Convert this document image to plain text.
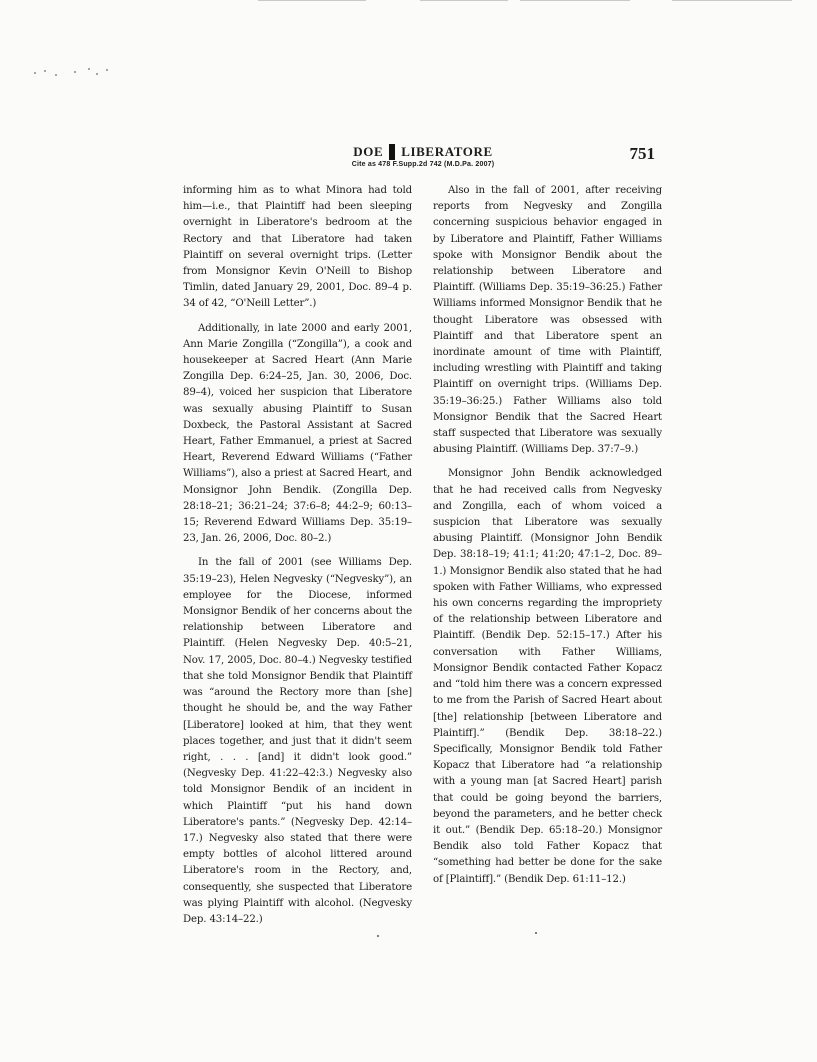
DOE LIBERATORE
Cite as 478 F.Supp.2d 742 (M.D.Pa. 2007)
751

informing him as to what Minora had told him—i.e., that Plaintiff had been sleeping overnight in Liberatore's bedroom at the Rectory and that Liberatore had taken Plaintiff on several overnight trips. (Letter from Monsignor Kevin O'Neill to Bishop Timlin, dated January 29, 2001, Doc. 89–4 p. 34 of 42, “O'Neill Letter”.)

Additionally, in late 2000 and early 2001, Ann Marie Zongilla (“Zongilla”), a cook and housekeeper at Sacred Heart (Ann Marie Zongilla Dep. 6:24–25, Jan. 30, 2006, Doc. 89–4), voiced her suspicion that Liberatore was sexually abusing Plaintiff to Susan Doxbeck, the Pastoral Assistant at Sacred Heart, Father Emmanuel, a priest at Sacred Heart, Reverend Edward Williams (“Father Williams”), also a priest at Sacred Heart, and Monsignor John Bendik. (Zongilla Dep. 28:18–21; 36:21–24; 37:6–8; 44:2–9; 60:13–15; Reverend Edward Williams Dep. 35:19–23, Jan. 26, 2006, Doc. 80–2.)

In the fall of 2001 (see Williams Dep. 35:19–23), Helen Negvesky (“Negvesky”), an employee for the Diocese, informed Monsignor Bendik of her concerns about the relationship between Liberatore and Plaintiff. (Helen Negvesky Dep. 40:5–21, Nov. 17, 2005, Doc. 80–4.) Negvesky testified that she told Monsignor Bendik that Plaintiff was “around the Rectory more than [she] thought he should be, and the way Father [Liberatore] looked at him, that they went places together, and just that it didn't seem right, . . . [and] it didn't look good.” (Negvesky Dep. 41:22–42:3.) Negvesky also told Monsignor Bendik of an incident in which Plaintiff “put his hand down Liberatore's pants.” (Negvesky Dep. 42:14–17.) Negvesky also stated that there were empty bottles of alcohol littered around Liberatore's room in the Rectory, and, consequently, she suspected that Liberatore was plying Plaintiff with alcohol. (Negvesky Dep. 43:14–22.)

Also in the fall of 2001, after receiving reports from Negvesky and Zongilla concerning suspicious behavior engaged in by Liberatore and Plaintiff, Father Williams spoke with Monsignor Bendik about the relationship between Liberatore and Plaintiff. (Williams Dep. 35:19–36:25.) Father Williams informed Monsignor Bendik that he thought Liberatore was obsessed with Plaintiff and that Liberatore spent an inordinate amount of time with Plaintiff, including wrestling with Plaintiff and taking Plaintiff on overnight trips. (Williams Dep. 35:19–36:25.) Father Williams also told Monsignor Bendik that the Sacred Heart staff suspected that Liberatore was sexually abusing Plaintiff. (Williams Dep. 37:7–9.)

Monsignor John Bendik acknowledged that he had received calls from Negvesky and Zongilla, each of whom voiced a suspicion that Liberatore was sexually abusing Plaintiff. (Monsignor John Bendik Dep. 38:18–19; 41:1; 41:20; 47:1–2, Doc. 89–1.) Monsignor Bendik also stated that he had spoken with Father Williams, who expressed his own concerns regarding the impropriety of the relationship between Liberatore and Plaintiff. (Bendik Dep. 52:15–17.) After his conversation with Father Williams, Monsignor Bendik contacted Father Kopacz and “told him there was a concern expressed to me from the Parish of Sacred Heart about [the] relationship [between Liberatore and Plaintiff].” (Bendik Dep. 38:18–22.) Specifically, Monsignor Bendik told Father Kopacz that Liberatore had “a relationship with a young man [at Sacred Heart] parish that could be going beyond the barriers, beyond the parameters, and he better check it out.” (Bendik Dep. 65:18–20.) Monsignor Bendik also told Father Kopacz that “something had better be done for the sake of [Plaintiff].” (Bendik Dep. 61:11–12.)
